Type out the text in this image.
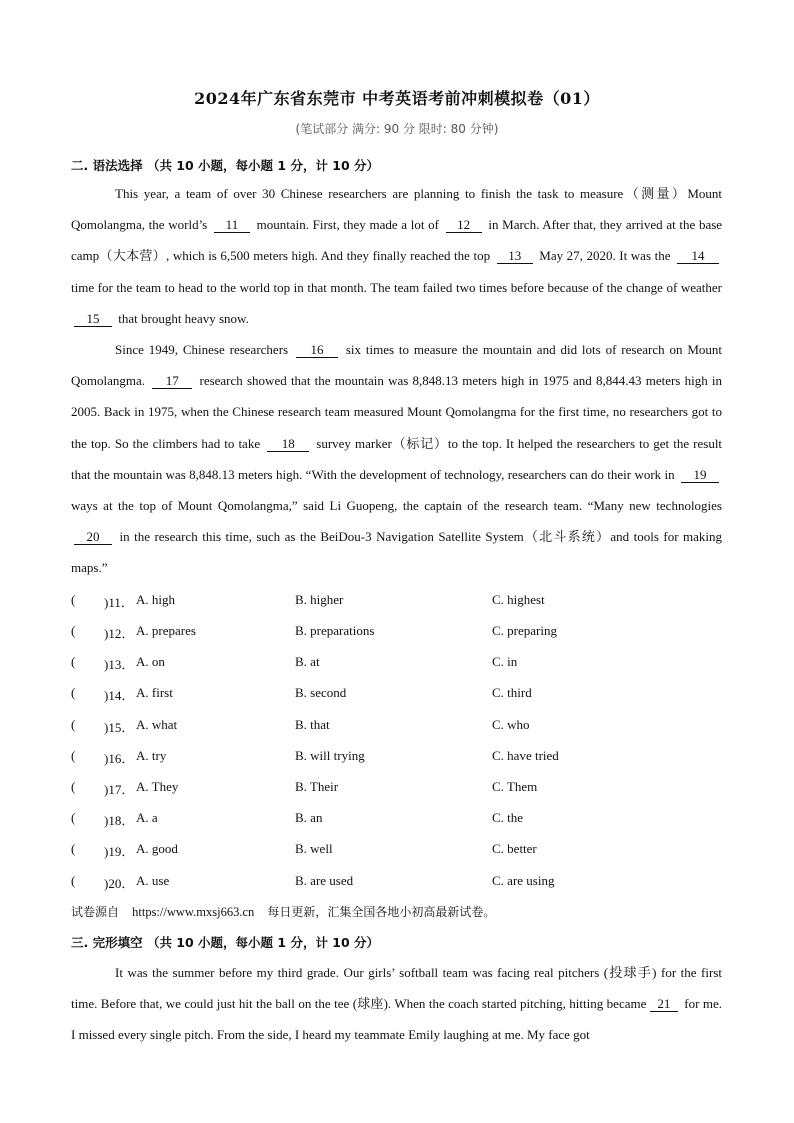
2024年广东省东莞市 中考英语考前冲刺模拟卷（01）
(笔试部分 满分: 90 分 限时: 80 分钟)
二. 语法选择 （共 10 小题，每小题 1 分，计 10 分）
This year, a team of over 30 Chinese researchers are planning to finish the task to measure（测量）Mount Qomolangma, the world’s 11 mountain. First, they made a lot of 12 in March. After that, they arrived at the base camp（大本营）, which is 6,500 meters high. And they finally reached the top 13 May 27, 2020. It was the 14 time for the team to head to the world top in that month. The team failed two times before because of the change of weather 15 that brought heavy snow.
Since 1949, Chinese researchers 16 six times to measure the mountain and did lots of research on Mount Qomolangma. 17 research showed that the mountain was 8,848.13 meters high in 1975 and 8,844.43 meters high in 2005. Back in 1975, when the Chinese research team measured Mount Qomolangma for the first time, no researchers got to the top. So the climbers had to take 18 survey marker（标记）to the top. It helped the researchers to get the result that the mountain was 8,848.13 meters high. “With the development of technology, researchers can do their work in 19 ways at the top of Mount Qomolangma,” said Li Guopeng, the captain of the research team. “Many new technologies 20 in the research this time, such as the BeiDou-3 Navigation Satellite System（北斗系统）and tools for making maps.”
( )11． A. high	B. higher	C. highest
( )12． A. prepares	B. preparations	C. preparing
( )13． A. on	B. at	C. in
( )14． A. first	B. second	C. third
( )15． A. what	B. that	C. who
( )16． A. try	B. will trying	C. have tried
( )17． A. They	B. Their	C. Them
( )18． A. a	B. an	C. the
( )19． A. good	B. well	C. better
( )20． A. use	B. are used	C. are using
试卷源自 https://www.mxsj663.cn 每日更新，汇集全国各地小初高最新试卷。
三. 完形填空 （共 10 小题，每小题 1 分，计 10 分）
It was the summer before my third grade. Our girls’ softball team was facing real pitchers (投球手) for the first time. Before that, we could just hit the ball on the tee (球座). When the coach started pitching, hitting became 21 for me. I missed every single pitch. From the side, I heard my teammate Emily laughing at me. My face got
